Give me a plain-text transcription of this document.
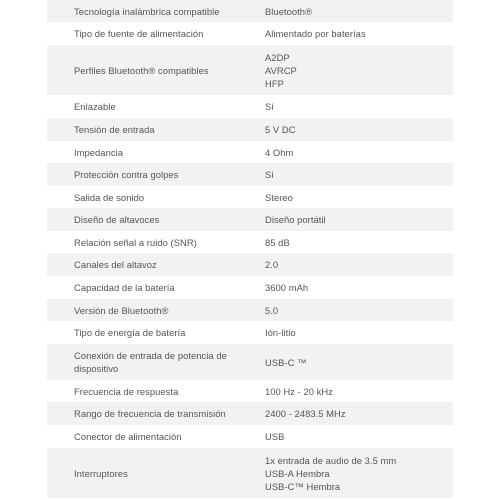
Tecnología inalámbrica compatible	Bluetooth®

Tipo de fuente de alimentación	Alimentado por baterías

Perfiles Bluetooth® compatibles	A2DP
AVRCP
HFP

Enlazable	Sí

Tensión de entrada	5 V DC

Impedancia	4 Ohm

Protección contra golpes	Sí

Salida de sonido	Stereo

Diseño de altavoces	Diseño portátil

Relación señal a ruido (SNR)	85 dB

Canales del altavoz	2.0

Capacidad de la batería	3600 mAh

Versión de Bluetooth®	5.0

Tipo de energía de batería	Ión-litio

Conexión de entrada de potencia de dispositivo	USB-C ™

Frecuencia de respuesta	100 Hz - 20 kHz

Rango de frecuencia de transmisión	2400 - 2483.5 MHz

Conector de alimentación	USB

Interruptores	1x entrada de audio de 3.5 mm
USB-A Hembra
USB-C™ Hembra
